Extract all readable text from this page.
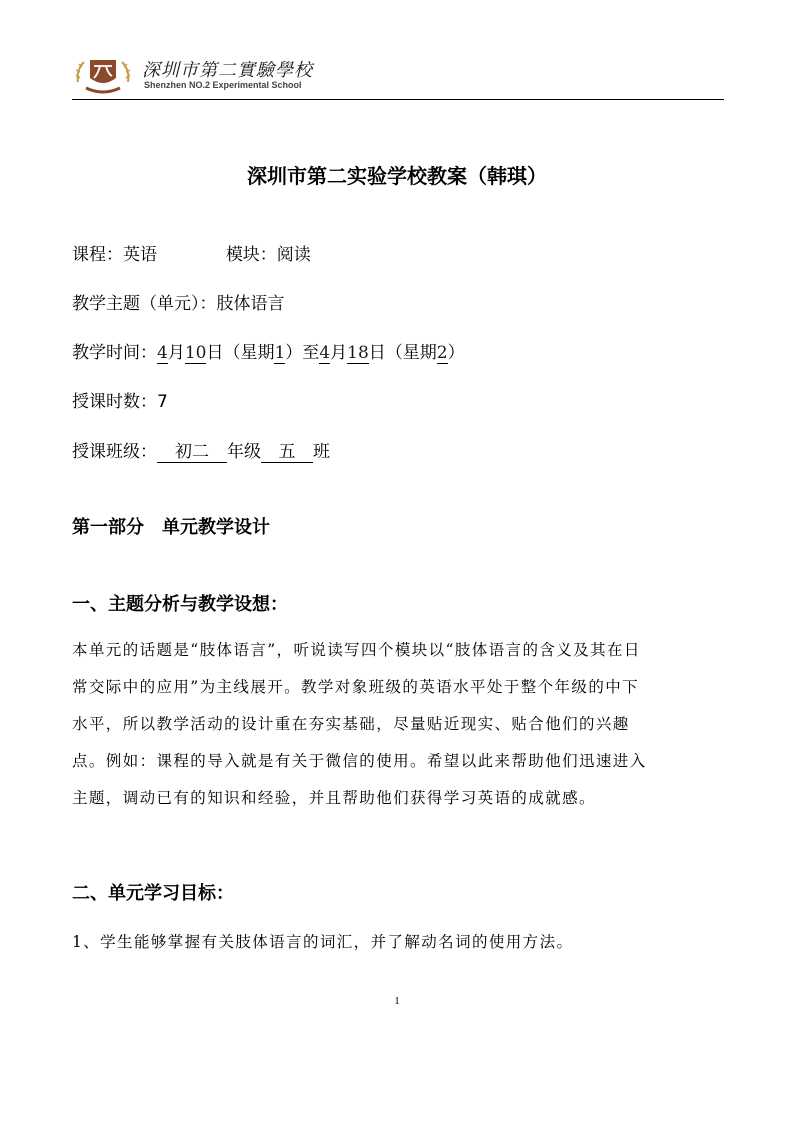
深圳市第二實驗學校
Shenzhen NO.2 Experimental School
深圳市第二实验学校教案（韩琪）
课程：英语	模块：阅读
教学主题（单元）：肢体语言
教学时间：4月10日（星期1）至4月18日（星期2）
授课时数：7
授课班级： 初二 年级 五 班
第一部分　单元教学设计
一、主题分析与教学设想：
本单元的话题是“肢体语言”，听说读写四个模块以“肢体语言的含义及其在日
常交际中的应用”为主线展开。教学对象班级的英语水平处于整个年级的中下
水平，所以教学活动的设计重在夯实基础，尽量贴近现实、贴合他们的兴趣
点。例如：课程的导入就是有关于微信的使用。希望以此来帮助他们迅速进入
主题，调动已有的知识和经验，并且帮助他们获得学习英语的成就感。
二、单元学习目标：
1、学生能够掌握有关肢体语言的词汇，并了解动名词的使用方法。
1
